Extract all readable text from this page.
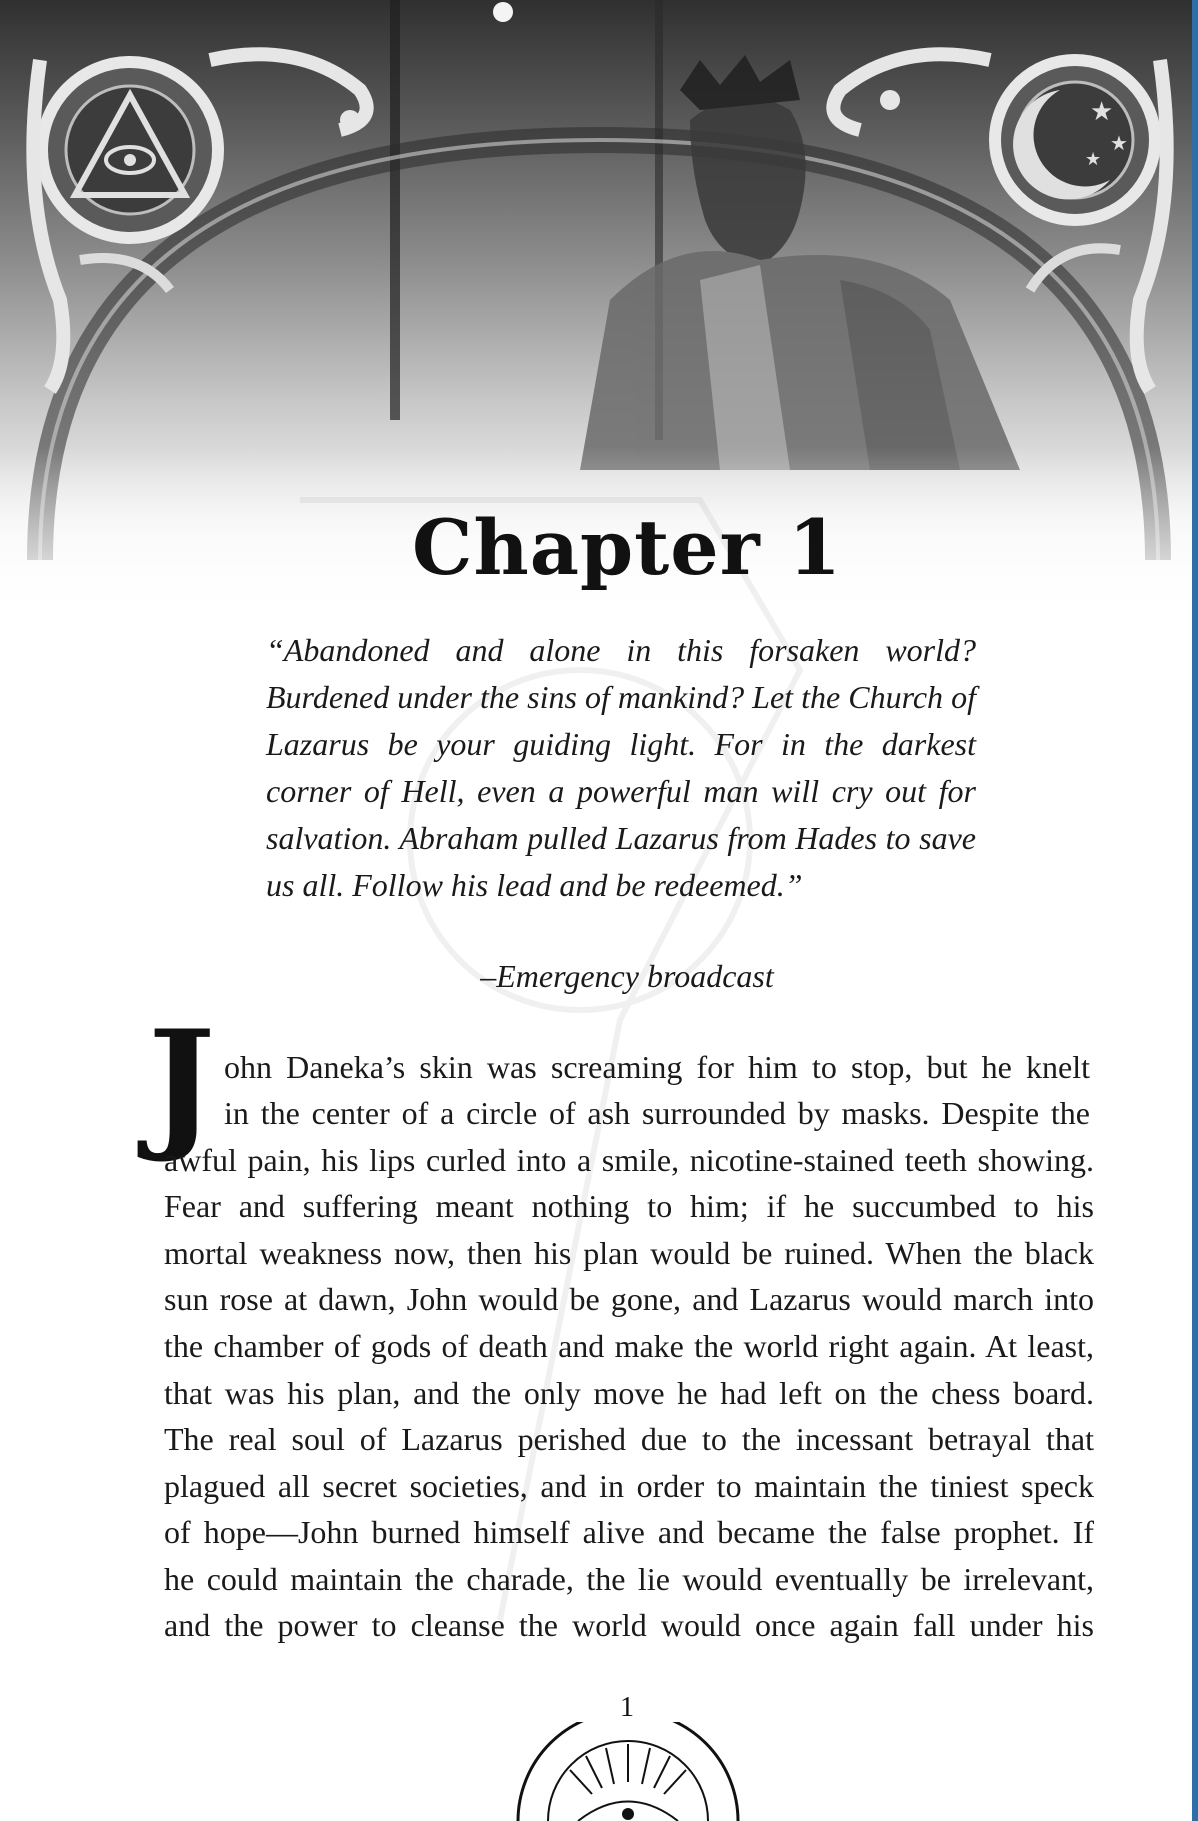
Chapter 1

“Abandoned and alone in this forsaken world? Burdened under the sins of mankind? Let the Church of Lazarus be your guiding light. For in the darkest corner of Hell, even a powerful man will cry out for salvation. Abraham pulled Lazarus from Hades to save us all. Follow his lead and be redeemed.”

–Emergency broadcast

J ohn Daneka’s skin was screaming for him to stop, but he knelt

in the center of a circle of ash surrounded by masks. Despite the

awful pain, his lips curled into a smile, nicotine-stained teeth showing.

Fear and suffering meant nothing to him; if he succumbed to his

mortal weakness now, then his plan would be ruined. When the black

sun rose at dawn, John would be gone, and Lazarus would march into

the chamber of gods of death and make the world right again. At least,

that was his plan, and the only move he had left on the chess board.

The real soul of Lazarus perished due to the incessant betrayal that

plagued all secret societies, and in order to maintain the tiniest speck

of hope—John burned himself alive and became the false prophet. If

he could maintain the charade, the lie would eventually be irrelevant,

and the power to cleanse the world would once again fall under his

1
